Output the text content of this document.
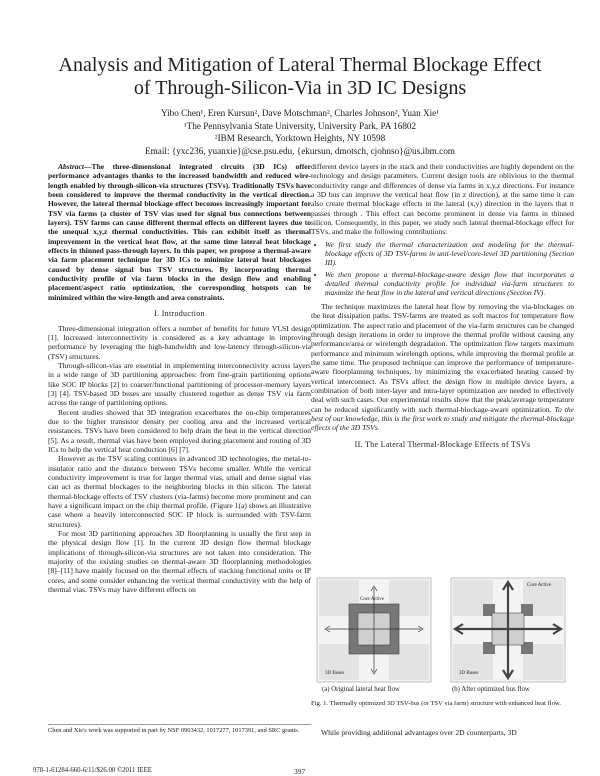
Analysis and Mitigation of Lateral Thermal Blockage Effect
of Through-Silicon-Via in 3D IC Designs
Yibo Chen¹, Eren Kursun², Dave Motschman², Charles Johnson², Yuan Xie¹
¹The Pennsylvania State University, University Park, PA 16802
²IBM Research, Yorktown Heights, NY 10598
Email: {yxc236, yuanxie}@cse.psu.edu, {ekursun, dmotsch, cjohnso}@us.ibm.com

Abstract—The three-dimensional integrated circuits (3D ICs) offer performance advantages thanks to the increased bandwidth and reduced wire-length enabled by through-silicon-via structures (TSVs). Traditionally TSVs have been considered to improve the thermal conductivity in the vertical direction. However, the lateral thermal blockage effect becomes increasingly important for TSV via farms (a cluster of TSV vias used for signal bus connections between layers). TSV farms can cause different thermal effects on different layers due to the unequal x,y,z thermal conductivities. This can exhibit itself as thermal improvement in the vertical heat flow, at the same time lateral heat blockage effects in thinned pass-through layers. In this paper, we propose a thermal-aware via farm placement technique for 3D ICs to minimize lateral heat blockages caused by dense signal bus TSV structures. By incorporating thermal conductivity profile of via farm blocks in the design flow and enabling placement/aspect ratio optimization, the corresponding hotspots can be minimized within the wire-length and area constraints.

I. Introduction

Three-dimensional integration offers a number of benefits for future VLSI design [1]. Increased interconnectivity is considered as a key advantage in improving performance by leveraging the high-bandwidth and low-latency through-silicon-via (TSV) structures.

Through-silicon-vias are essential in implementing interconnectivity across layers in a wide range of 3D partitioning approaches: from fine-grain partitioning options like SOC IP blocks [2] to coarser/functional partitioning of processor-memory layers [3] [4]. TSV-based 3D buses are usually clustered together as dense TSV via farm across the range of partitioning options.

Recent studies showed that 3D integration exacerbates the on-chip temperatures due to the higher transistor density per cooling area and the increased vertical resistances. TSVs have been considered to help drain the heat in the vertical direction [5]. As a result, thermal vias have been employed during placement and routing of 3D ICs to help the vertical heat conduction [6] [7].

However as the TSV scaling continues in advanced 3D technologies, the metal-to-insulator ratio and the distance between TSVs become smaller. While the vertical conductivity improvement is true for larger thermal vias, small and dense signal vias can act as thermal blockages to the neighboring blocks in thin silicon. The lateral thermal-blockage effects of TSV clusters (via-farms) become more prominent and can have a significant impact on the chip thermal profile. (Figure 1(a) shows an illustrative case where a heavily interconnected SOC IP block is surrounded with TSV-farm structures).

For most 3D partitioning approaches 3D floorplanning is usually the first step in the physical design flow [1]. In the current 3D design flow thermal blockage implications of through-silicon-via structures are not taken into consideration. The majority of the existing studies on thermal-aware 3D floorplanning methodologies [8]–[11] have mainly focused on the thermal effects of stacking functional units or IP cores, and some consider enhancing the vertical thermal conductivity with the help of thermal vias. TSVs may have different effects on

Chen and Xie's work was supported in part by NSF 0903432, 1017277, 1017391, and SRC grants.

different device layers in the stack and their conductivities are highly dependent on the technology and design parameters. Current design tools are oblivious to the thermal conductivity range and differences of dense via farms in x,y,z directions. For instance a 3D bus can improve the vertical heat flow (in z direction), at the same time it can also create thermal blockage effects in the lateral (x,y) direction in the layers that it passes through . This effect can become prominent in dense via farms in thinned silicon. Consequently, in this paper, we study such lateral thermal-blockage effect for TSVs, and make the following contributions:

• We first study the thermal characterization and modeling for the thermal-blockage effects of 3D TSV-farms in unit-level/core-level 3D partitioning (Section III).
• We then propose a thermal-blockage-aware design flow that incorporates a detailed thermal conductivity profile for individual via-farm structures to maximize the heat flow in the lateral and vertical directions (Section IV).

The technique maximizes the lateral heat flow by removing the via-blockages on the heat dissipation paths. TSV-farms are treated as soft macros for temperature flow optimization. The aspect ratio and placement of the via-farm structures can be changed through design iterations in order to improve the thermal profile without causing any performance/area or wirelength degradation. The optimization flow targets maximum performance and minimum wirelength options, while improving the thermal profile at the same time. The proposed technique can improve the performance of temperature-aware floorplanning techniques, by minimizing the exacerbated heating caused by vertical interconnect. As TSVs affect the design flow in multiple device layers, a combination of both inter-layer and intra-layer optimization are needed to effectively deal with such cases. Our experimental results show that the peak/average temperature can be reduced significantly with such thermal-blockage-aware optimization. To the best of our knowledge, this is the first work to study and mitigate the thermal-blockage effects of the 3D TSVs.

II. The Lateral Thermal-Blockage Effects of TSVs
Core Active
3D Buses
Core Active
3D Buses
(a) Original lateral heat flow	(b) After optimized bus flow
Fig. 1. Thermally optimized 3D TSV-bus (or TSV via farm) structure with enhanced heat flow.
While providing additional advantages over 2D counterparts, 3D
978-1-61284-660-6/11/$26.00 ©2011 IEEE	397
